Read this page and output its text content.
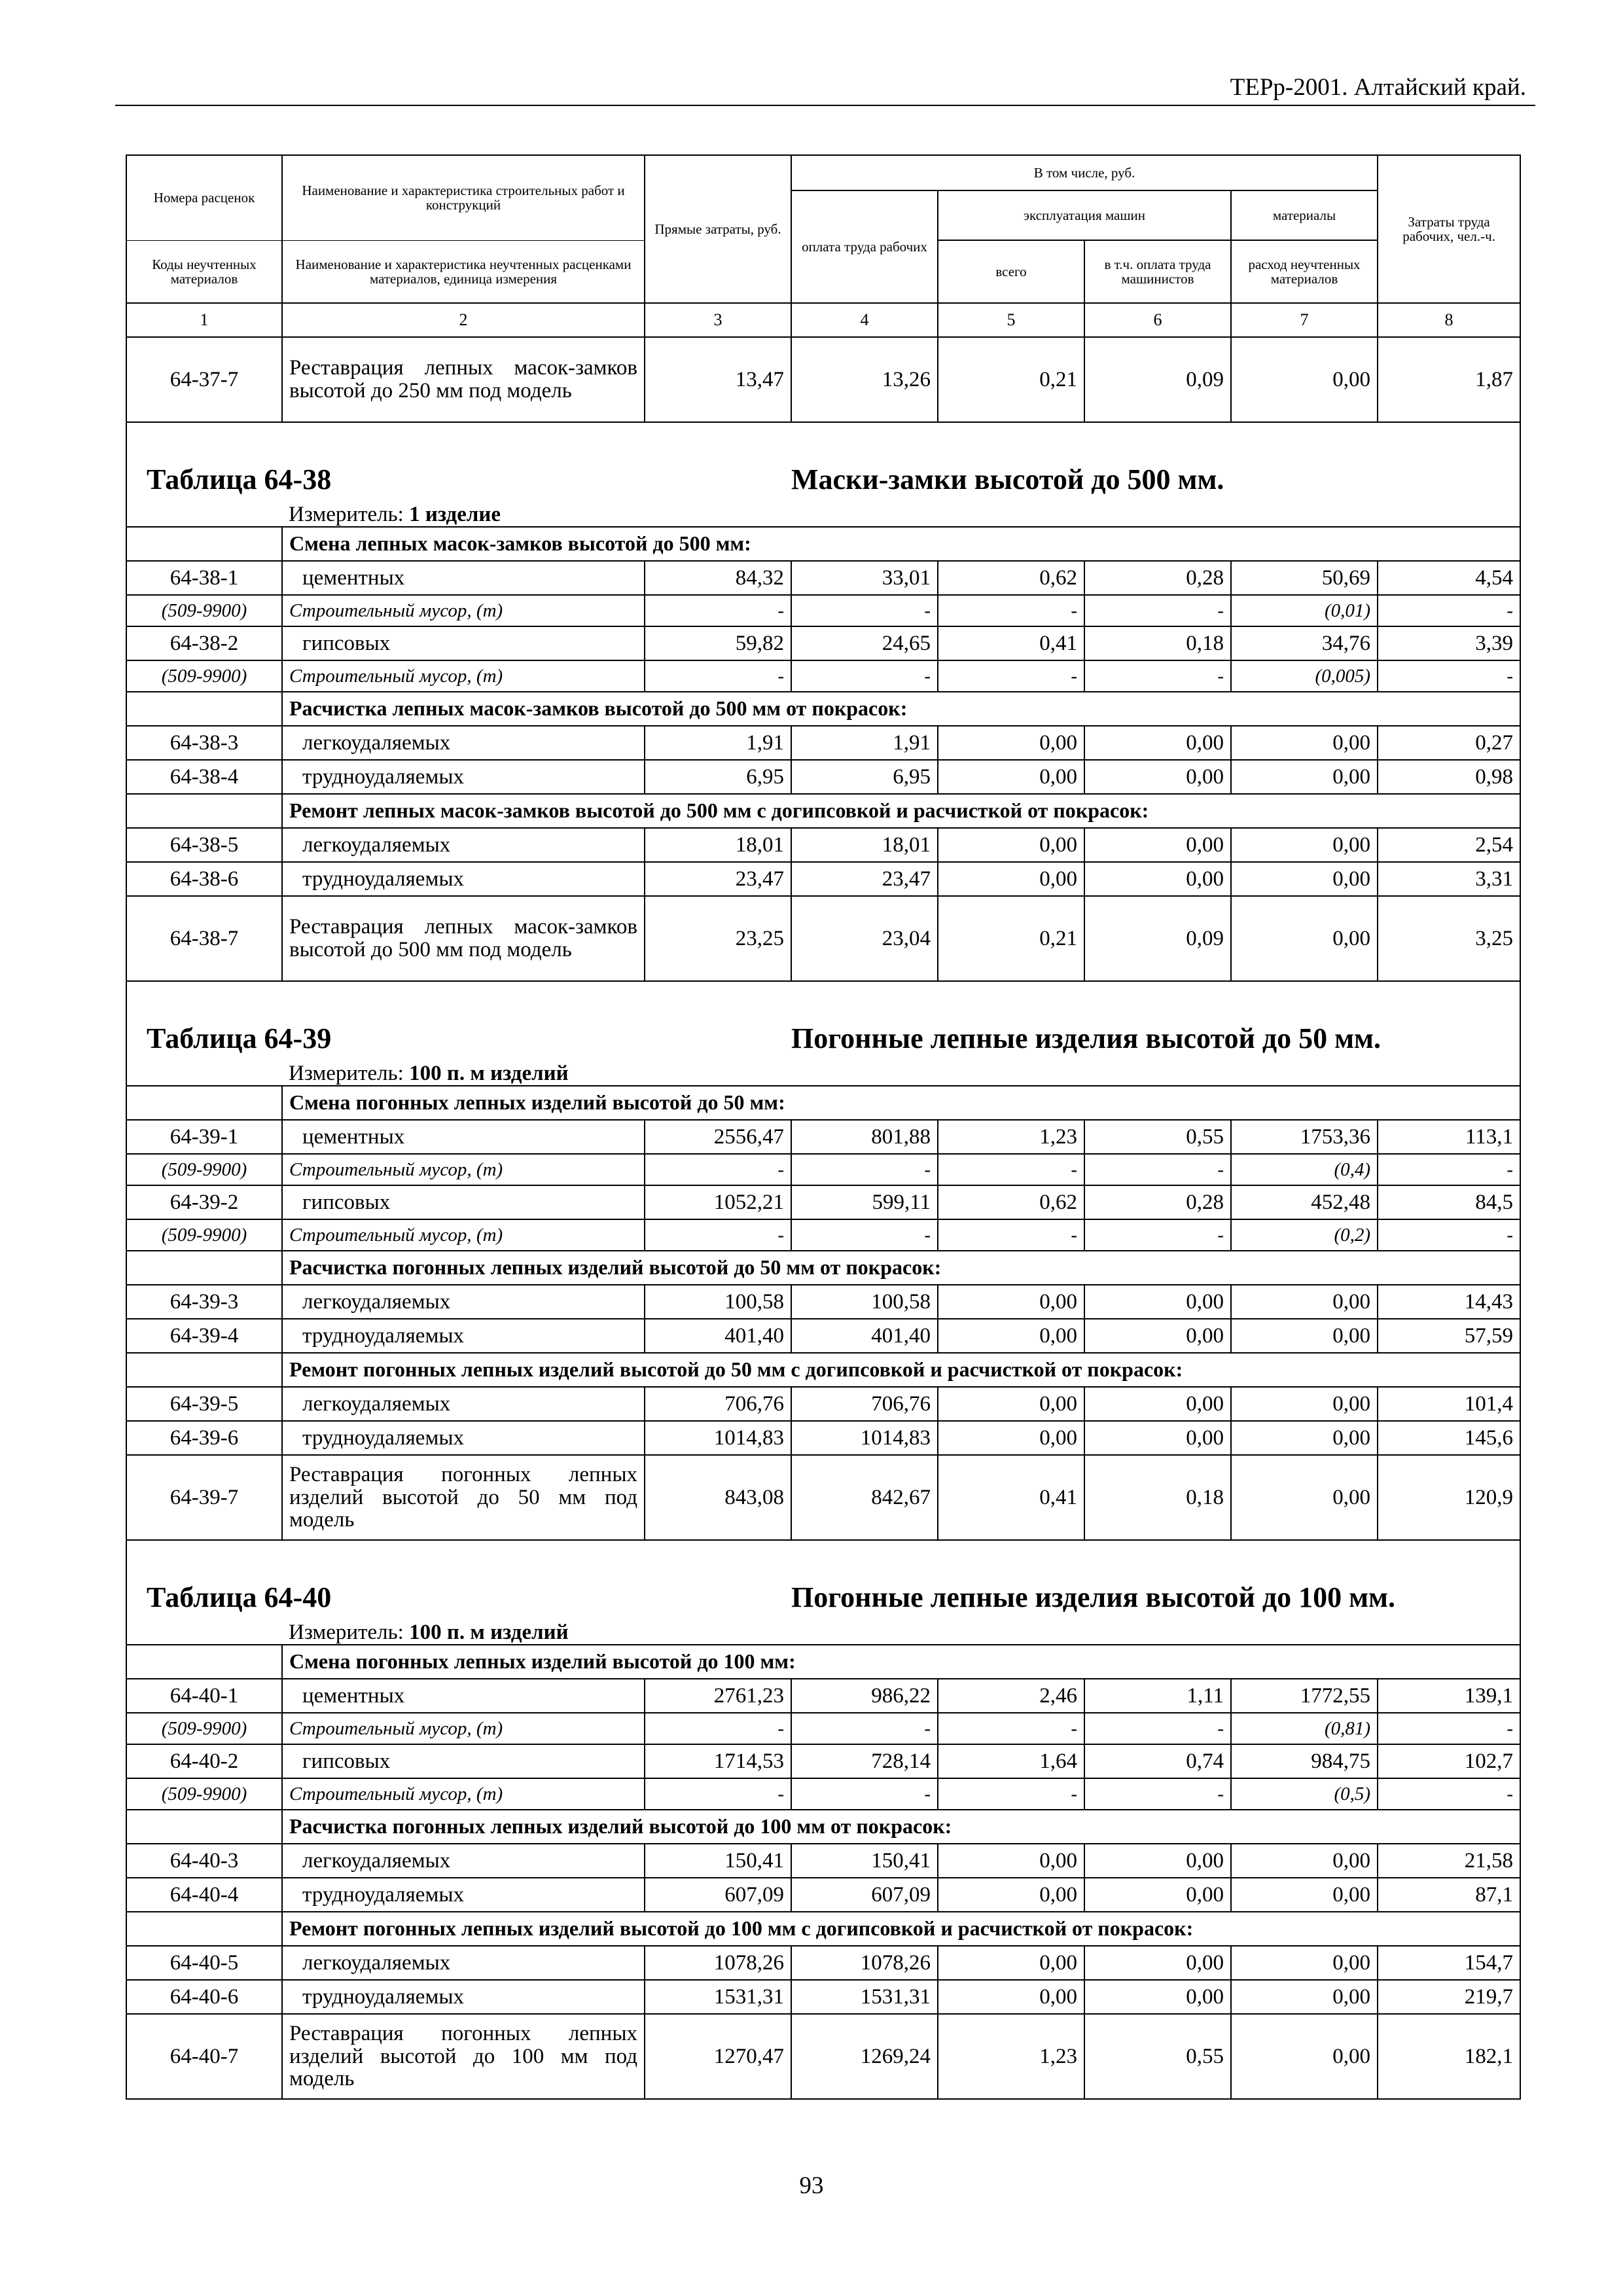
ТЕРр-2001. Алтайский край.
Номера расценок	Наименование и характеристика строительных работ и конструкций	Прямые затраты, руб.	В том числе, руб.				Затраты труда рабочих, чел.-ч.
			оплата труда рабочих	эксплуатация машин		материалы	
Коды неучтенных материалов	Наименование и характеристика неучтенных расценками материалов, единица измерения			всего	в т.ч. оплата труда машинистов	расход неучтенных материалов	
1	2	3	4	5	6	7	8
64-37-7	Реставрация лепных масок-замков высотой до 250 мм под модель	13,47	13,26	0,21	0,09	0,00	1,87
Таблица 64-38			Маски-замки высотой до 500 мм.				
	Измеритель: 1 изделие						
	Смена лепных масок-замков высотой до 500 мм:						
64-38-1	цементных	84,32	33,01	0,62	0,28	50,69	4,54
(509-9900)	Строительный мусор, (т)	-	-	-	-	(0,01)	-
64-38-2	гипсовых	59,82	24,65	0,41	0,18	34,76	3,39
(509-9900)	Строительный мусор, (т)	-	-	-	-	(0,005)	-
	Расчистка лепных масок-замков высотой до 500 мм от покрасок:						
64-38-3	легкоудаляемых	1,91	1,91	0,00	0,00	0,00	0,27
64-38-4	трудноудаляемых	6,95	6,95	0,00	0,00	0,00	0,98
	Ремонт лепных масок-замков высотой до 500 мм с догипсовкой и расчисткой от покрасок:						
64-38-5	легкоудаляемых	18,01	18,01	0,00	0,00	0,00	2,54
64-38-6	трудноудаляемых	23,47	23,47	0,00	0,00	0,00	3,31
64-38-7	Реставрация лепных масок-замков высотой до 500 мм под модель	23,25	23,04	0,21	0,09	0,00	3,25
Таблица 64-39			Погонные лепные изделия высотой до 50 мм.				
	Измеритель: 100 п. м изделий						
	Смена погонных лепных изделий высотой до 50 мм:						
64-39-1	цементных	2556,47	801,88	1,23	0,55	1753,36	113,1
(509-9900)	Строительный мусор, (т)	-	-	-	-	(0,4)	-
64-39-2	гипсовых	1052,21	599,11	0,62	0,28	452,48	84,5
(509-9900)	Строительный мусор, (т)	-	-	-	-	(0,2)	-
	Расчистка погонных лепных изделий высотой до 50 мм от покрасок:						
64-39-3	легкоудаляемых	100,58	100,58	0,00	0,00	0,00	14,43
64-39-4	трудноудаляемых	401,40	401,40	0,00	0,00	0,00	57,59
	Ремонт погонных лепных изделий высотой до 50 мм с догипсовкой и расчисткой от покрасок:						
64-39-5	легкоудаляемых	706,76	706,76	0,00	0,00	0,00	101,4
64-39-6	трудноудаляемых	1014,83	1014,83	0,00	0,00	0,00	145,6
64-39-7	Реставрация погонных лепных изделий высотой до 50 мм под модель	843,08	842,67	0,41	0,18	0,00	120,9
Таблица 64-40			Погонные лепные изделия высотой до 100 мм.				
	Измеритель: 100 п. м изделий						
	Смена погонных лепных изделий высотой до 100 мм:						
64-40-1	цементных	2761,23	986,22	2,46	1,11	1772,55	139,1
(509-9900)	Строительный мусор, (т)	-	-	-	-	(0,81)	-
64-40-2	гипсовых	1714,53	728,14	1,64	0,74	984,75	102,7
(509-9900)	Строительный мусор, (т)	-	-	-	-	(0,5)	-
	Расчистка погонных лепных изделий высотой до 100 мм от покрасок:						
64-40-3	легкоудаляемых	150,41	150,41	0,00	0,00	0,00	21,58
64-40-4	трудноудаляемых	607,09	607,09	0,00	0,00	0,00	87,1
	Ремонт погонных лепных изделий высотой до 100 мм с догипсовкой и расчисткой от покрасок:						
64-40-5	легкоудаляемых	1078,26	1078,26	0,00	0,00	0,00	154,7
64-40-6	трудноудаляемых	1531,31	1531,31	0,00	0,00	0,00	219,7
64-40-7	Реставрация погонных лепных изделий высотой до 100 мм под модель	1270,47	1269,24	1,23	0,55	0,00	182,1
93
